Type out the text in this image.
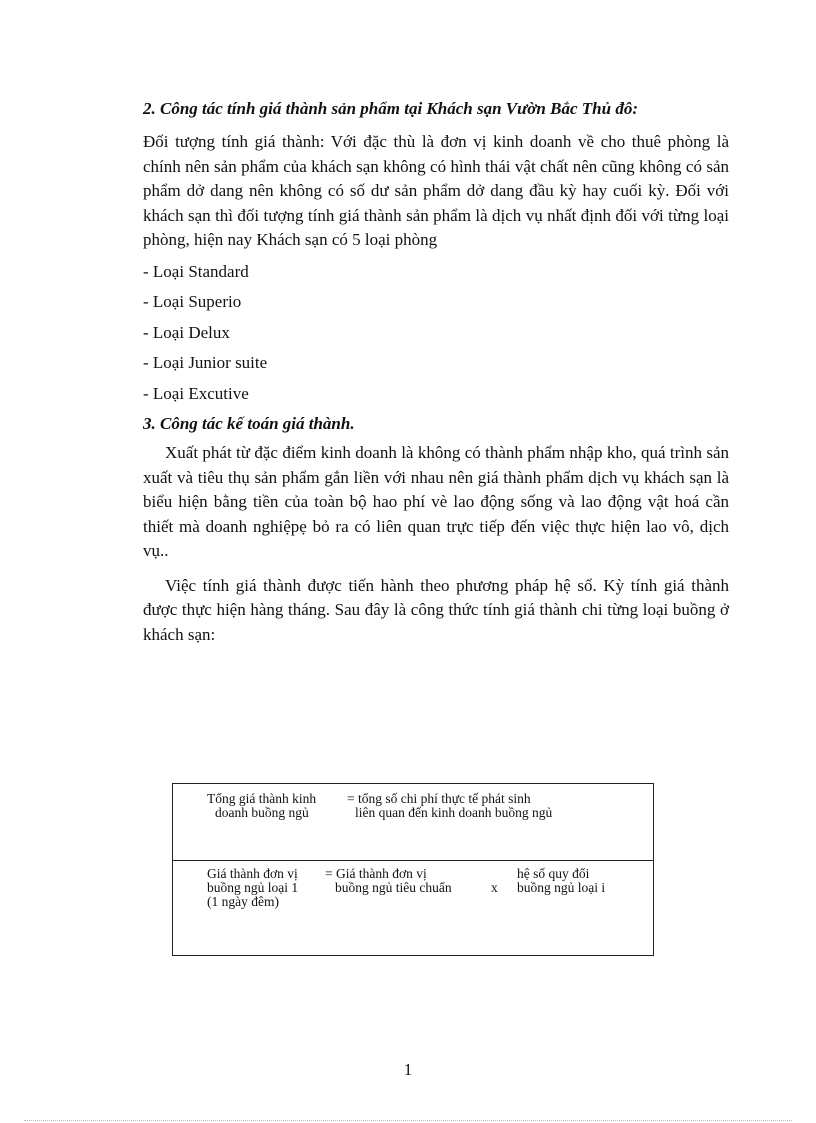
2. Công tác tính giá thành sản phẩm tại Khách sạn Vườn Bắc Thủ đô:

Đối tượng tính giá thành: Với đặc thù là đơn vị kinh doanh về cho thuê phòng là chính nên sản phẩm của khách sạn không có hình thái vật chất nên cũng không có sản phẩm dở dang nên không có số dư sản phẩm dở dang đầu kỳ hay cuối kỳ. Đối với khách sạn thì đối tượng tính giá thành sản phẩm là dịch vụ nhất định đối với từng loại phòng, hiện nay Khách sạn có 5 loại phòng

- Loại Standard
- Loại Superio
- Loại Delux
- Loại Junior suite
- Loại Excutive
3. Công tác kế toán giá thành.

Xuất phát từ đặc điểm kinh doanh là không có thành phẩm nhập kho, quá trình sản xuất và tiêu thụ sản phẩm gắn liền với nhau nên giá thành phẩm dịch vụ khách sạn là biểu hiện bằng tiền của toàn bộ hao phí vè lao động sống và lao động vật hoá cần thiết mà doanh nghiệpẹ bỏ ra có liên quan trực tiếp đến việc thực hiện lao vô, dịch vụ..

Việc tính giá thành được tiến hành theo phương pháp hệ số. Kỳ tính giá thành được thực hiện hàng tháng. Sau đây là công thức tính giá thành chi từng loại buồng ở khách sạn:

Tổng giá thành kinh
doanh buồng ngủ
= tổng số chi phí thực tế phát sinh
liên quan đến kinh doanh buồng ngủ
Giá thành đơn vị
buồng ngủ loại 1
(1 ngày đêm)
= Giá thành đơn vị
buồng ngủ tiêu chuẩn	x
hệ số quy đổi
buồng ngủ loại i
1
